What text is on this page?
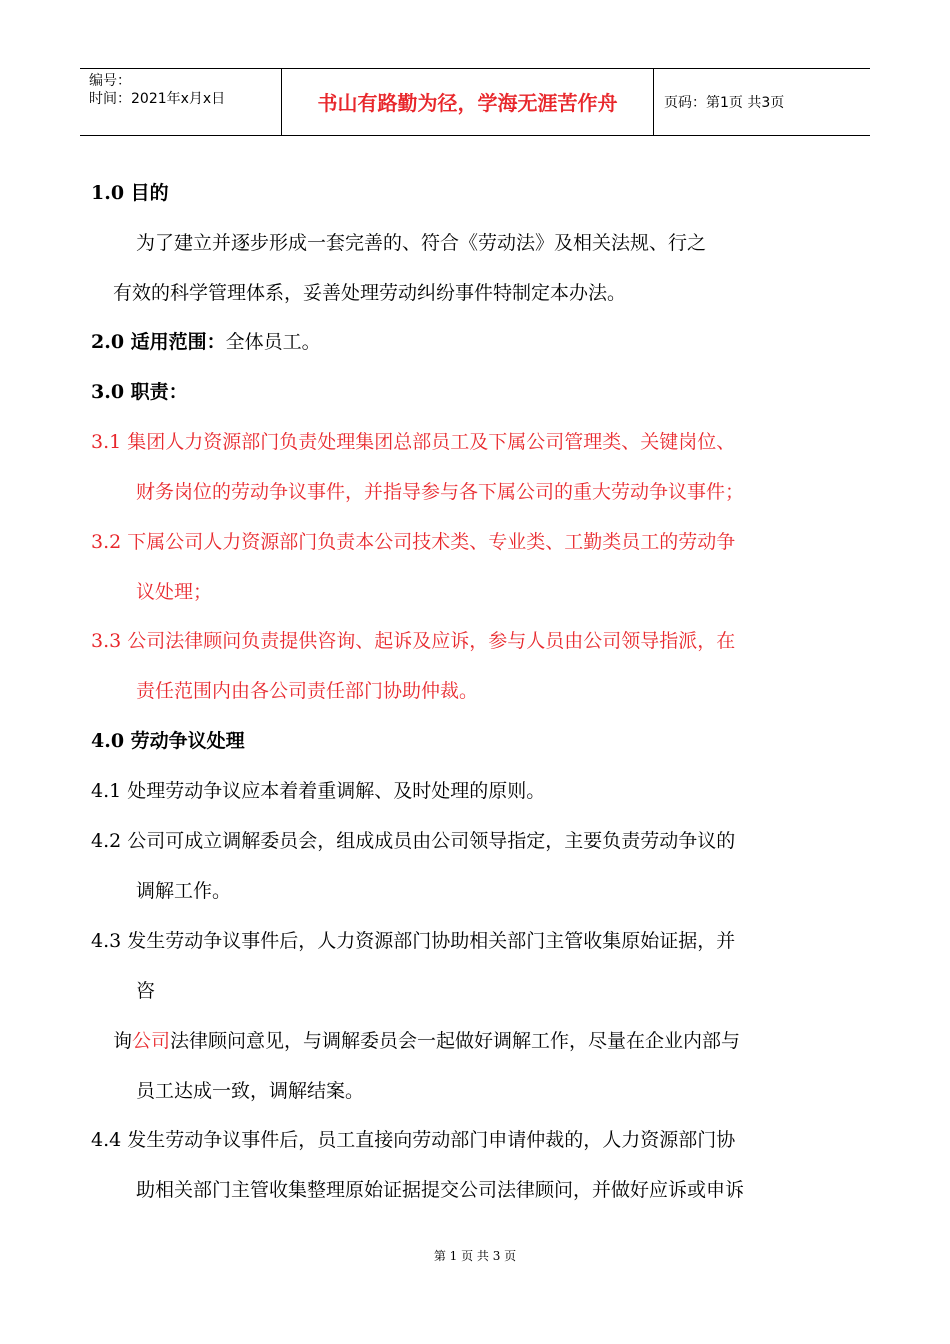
编号：
时间：2021年x月x日	书山有路勤为径，学海无涯苦作舟	页码：第1页 共3页
1.0 目的
为了建立并逐步形成一套完善的、符合《劳动法》及相关法规、行之
有效的科学管理体系，妥善处理劳动纠纷事件特制定本办法。
2.0 适用范围：全体员工。
3.0 职责：
3.1 集团人力资源部门负责处理集团总部员工及下属公司管理类、关键岗位、
财务岗位的劳动争议事件，并指导参与各下属公司的重大劳动争议事件；
3.2 下属公司人力资源部门负责本公司技术类、专业类、工勤类员工的劳动争
议处理；
3.3 公司法律顾问负责提供咨询、起诉及应诉，参与人员由公司领导指派，在
责任范围内由各公司责任部门协助仲裁。
4.0 劳动争议处理
4.1 处理劳动争议应本着着重调解、及时处理的原则。
4.2 公司可成立调解委员会，组成成员由公司领导指定，主要负责劳动争议的
调解工作。
4.3 发生劳动争议事件后，人力资源部门协助相关部门主管收集原始证据，并
咨
询公司法律顾问意见，与调解委员会一起做好调解工作，尽量在企业内部与
员工达成一致，调解结案。
4.4 发生劳动争议事件后，员工直接向劳动部门申请仲裁的，人力资源部门协
助相关部门主管收集整理原始证据提交公司法律顾问，并做好应诉或申诉
第 1 页 共 3 页
